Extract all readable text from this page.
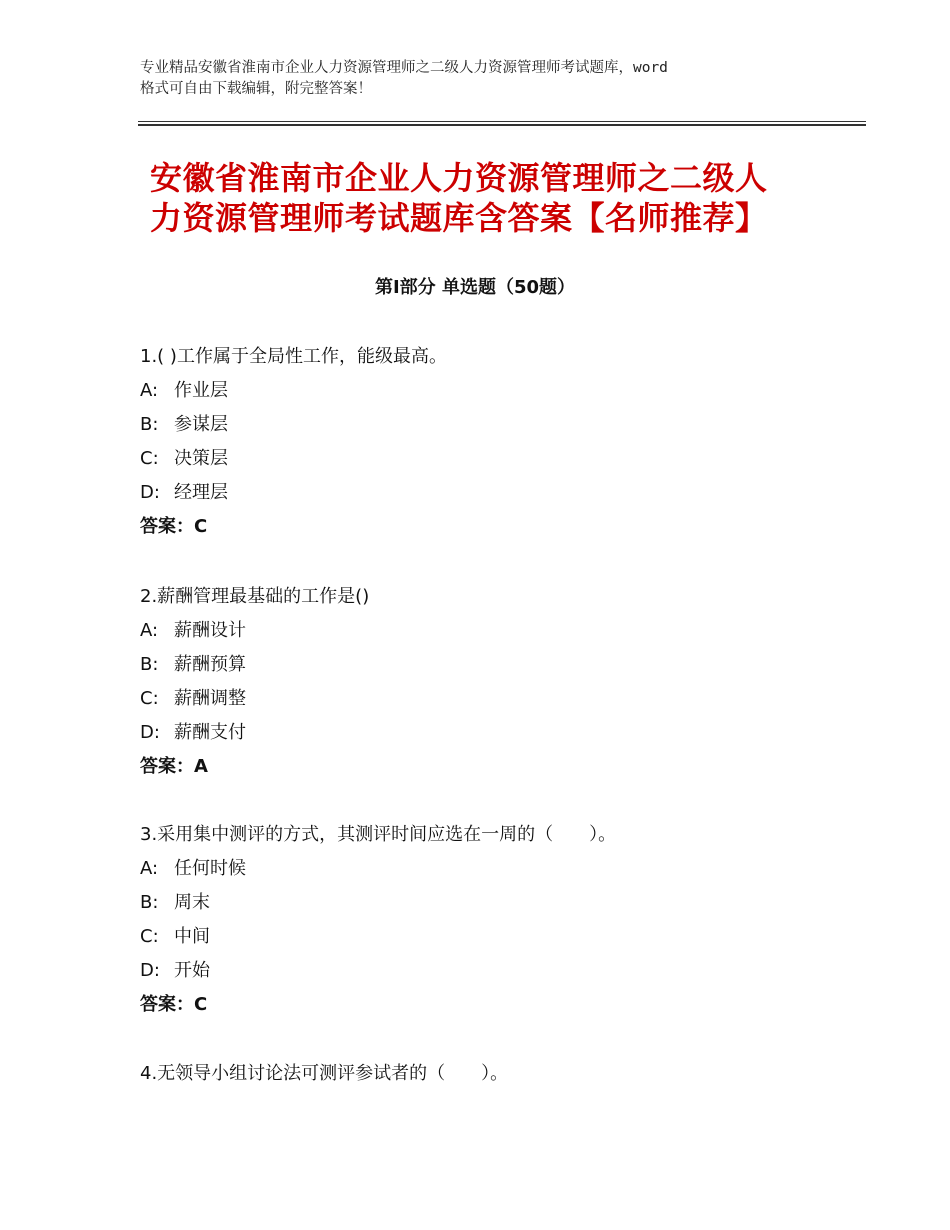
专业精品安徽省淮南市企业人力资源管理师之二级人力资源管理师考试题库，word
格式可自由下载编辑，附完整答案！
安徽省淮南市企业人力资源管理师之二级人
力资源管理师考试题库含答案【名师推荐】
第Ⅰ部分 单选题（50题）
1.( )工作属于全局性工作，能级最高。
A: 作业层
B: 参谋层
C: 决策层
D: 经理层
答案：C
2.薪酬管理最基础的工作是()
A: 薪酬设计
B: 薪酬预算
C: 薪酬调整
D: 薪酬支付
答案：A
3.采用集中测评的方式，其测评时间应选在一周的（　　）。
A: 任何时候
B: 周末
C: 中间
D: 开始
答案：C
4.无领导小组讨论法可测评参试者的（　　）。
